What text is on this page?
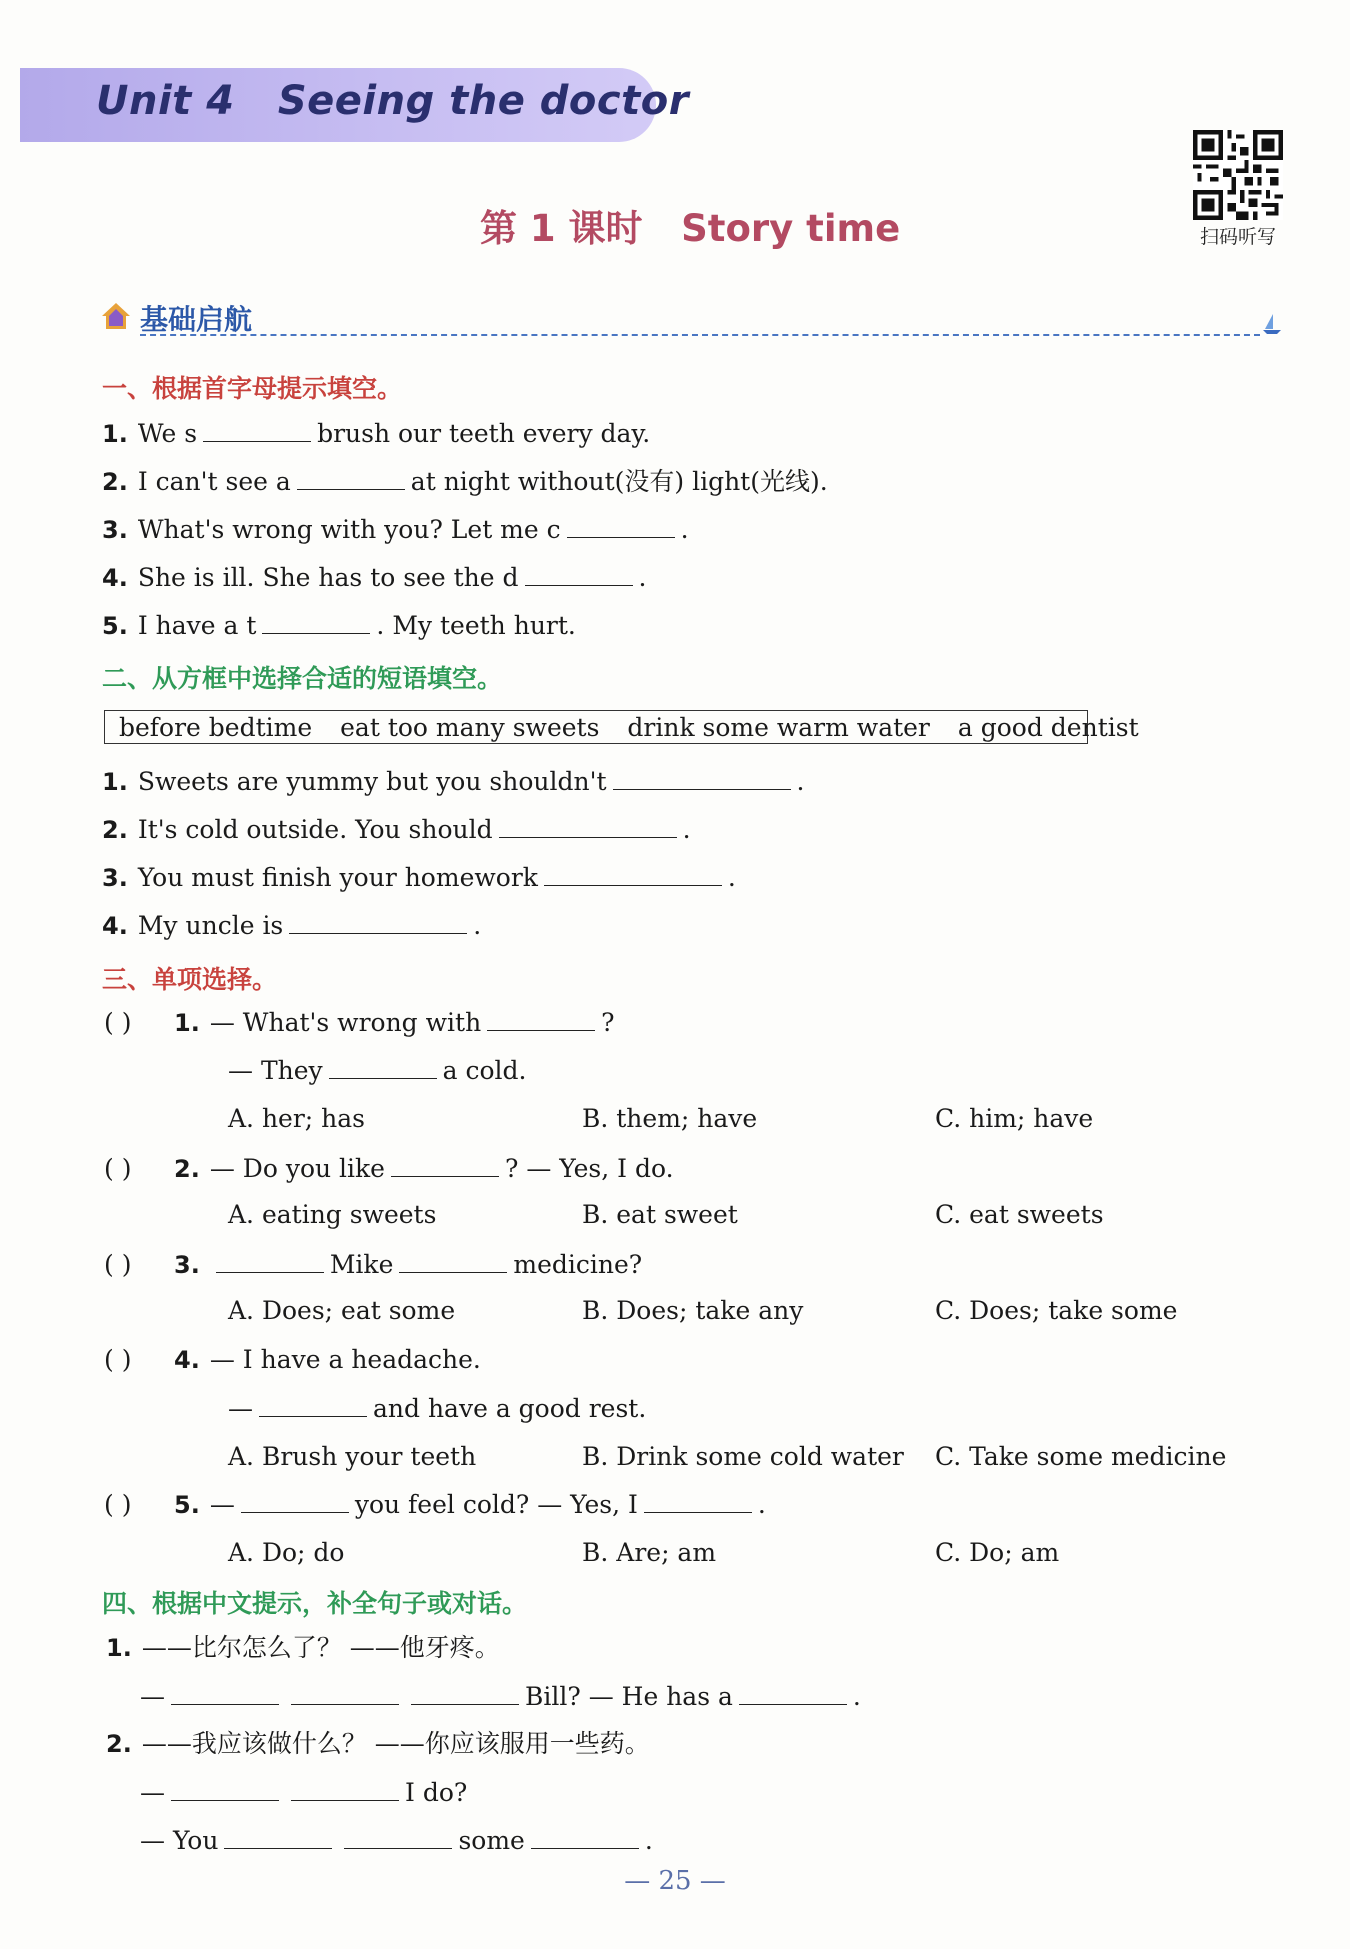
Unit 4   Seeing the doctor
扫码听写
第 1 课时   Story time
基础启航
一、根据首字母提示填空。
1. We s	brush our teeth every day.
2. I can't see a	at night without(没有) light(光线).
3. What's wrong with you? Let me c	.
4. She is ill. She has to see the d	.
5. I have a t	. My teeth hurt.
二、从方框中选择合适的短语填空。
before bedtime eat too many sweets drink some warm water a good dentist
1. Sweets are yummy but you shouldn't	.
2. It's cold outside. You should	.
3. You must finish your homework	.
4. My uncle is	.
三、单项选择。
( ) 1. — What's wrong with	?
— They	a cold.
A. her; has	B. them; have	C. him; have
( ) 2. — Do you like	? — Yes, I do.
A. eating sweets	B. eat sweet	C. eat sweets
( ) 3.	Mike	medicine?
A. Does; eat some	B. Does; take any	C. Does; take some
( ) 4. — I have a headache.
—	and have a good rest.
A. Brush your teeth	B. Drink some cold water C. Take some medicine
( ) 5. —	you feel cold? — Yes, I	.
A. Do; do	B. Are; am	C. Do; am
四、根据中文提示，补全句子或对话。
1. ——比尔怎么了？ ——他牙疼。
—	Bill? — He has a	.
2. ——我应该做什么？ ——你应该服用一些药。
—	I do?
— You	some	.
— 25 —
